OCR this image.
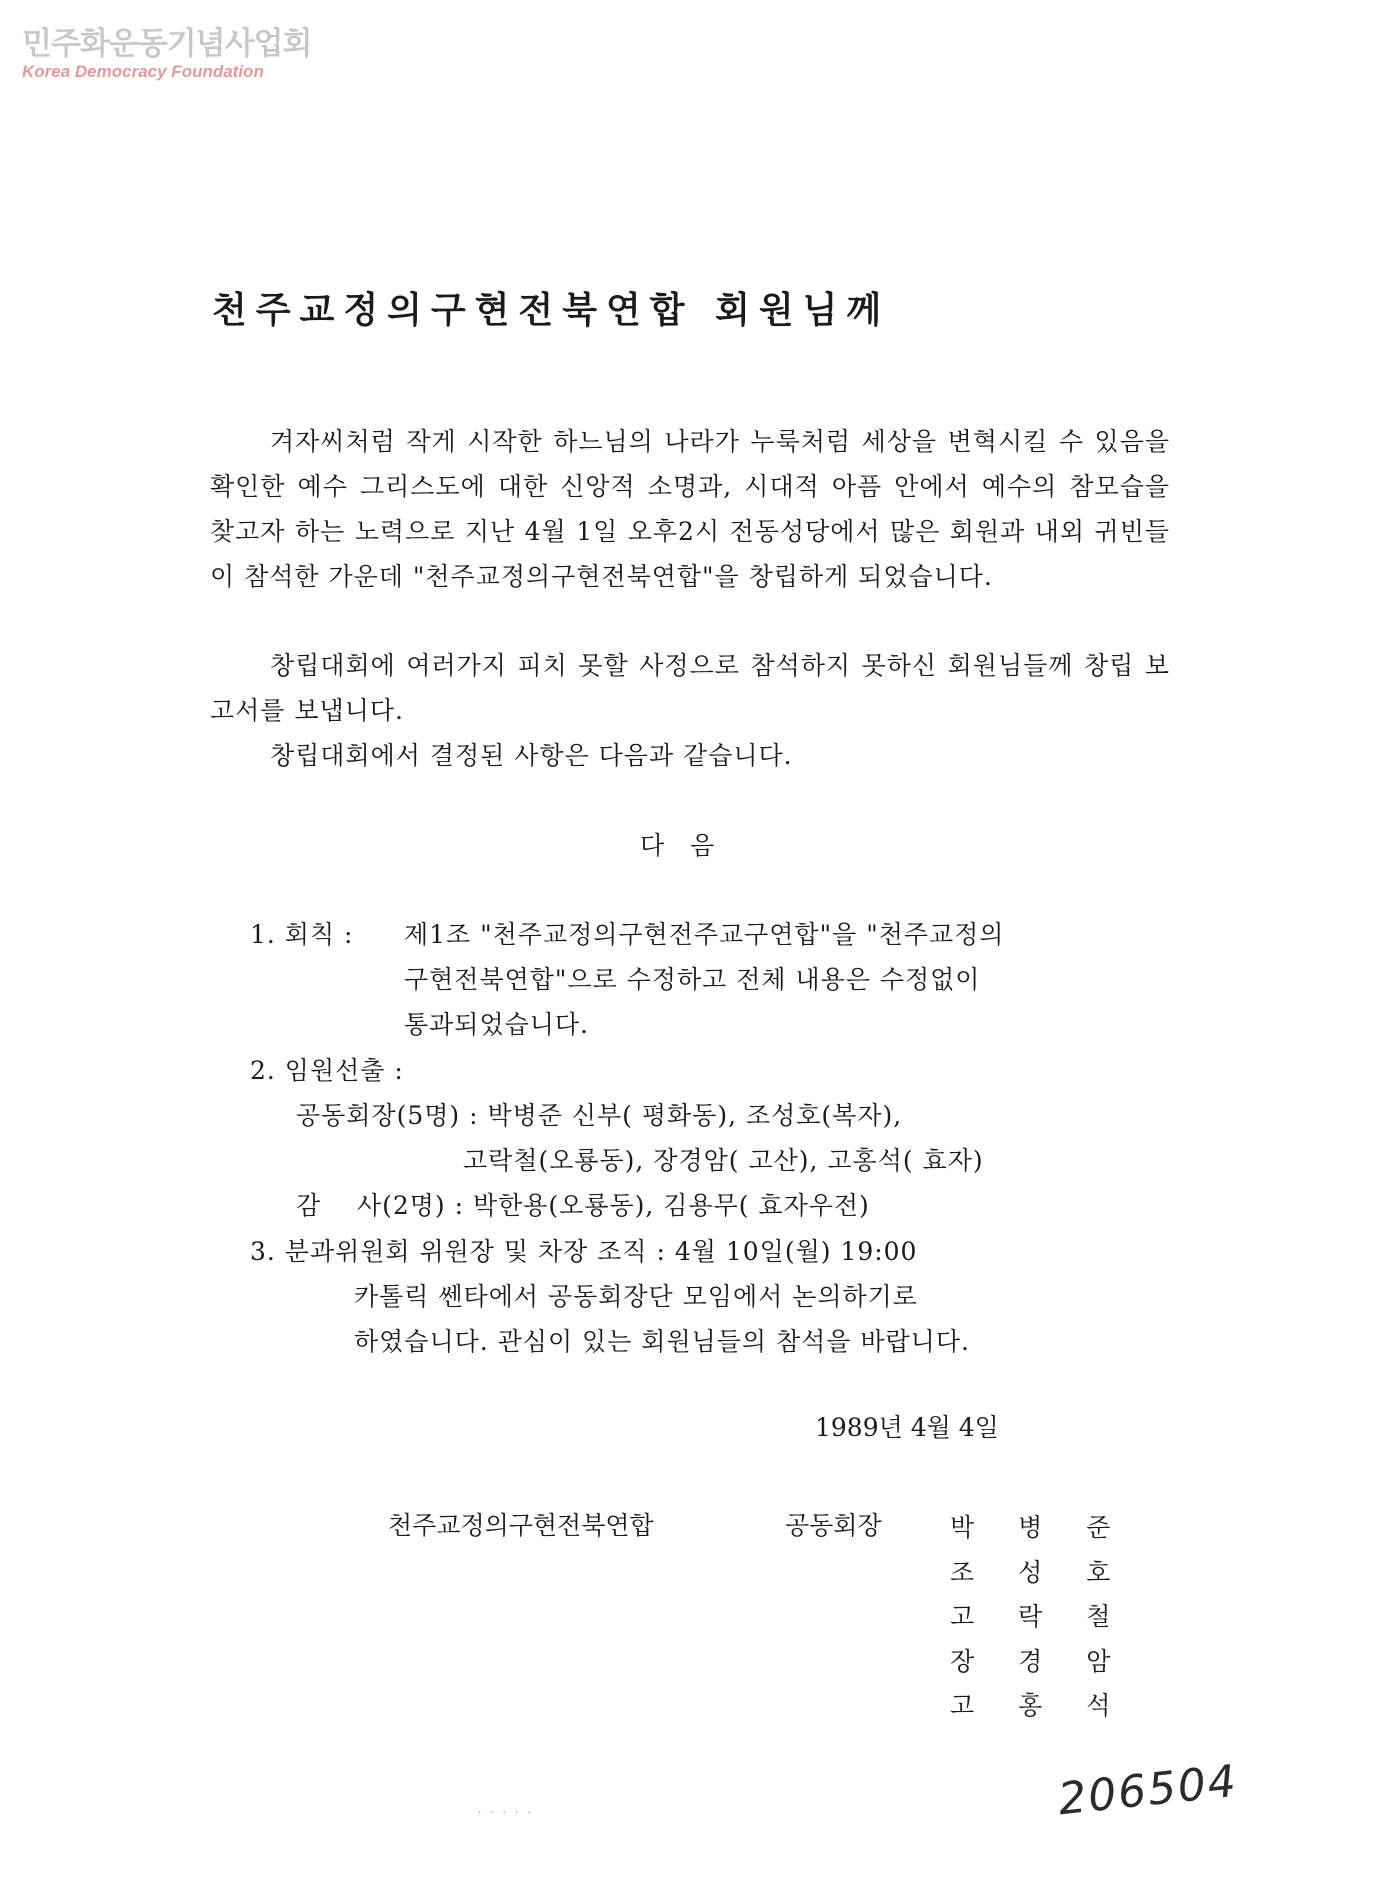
민주화운동기념사업회
Korea Democracy Foundation
천주교정의구현전북연합 회원님께
겨자씨처럼 작게 시작한 하느님의 나라가 누룩처럼 세상을 변혁시킬 수 있음을 확인한 예수 그리스도에 대한 신앙적 소명과, 시대적 아픔 안에서 예수의 참모습을 찾고자 하는 노력으로 지난 4월 1일 오후2시 전동성당에서 많은 회원과 내외 귀빈들이 참석한 가운데 "천주교정의구현전북연합"을 창립하게 되었습니다.
창립대회에 여러가지 피치 못할 사정으로 참석하지 못하신 회원님들께 창립 보고서를 보냅니다.
창립대회에서 결정된 사항은 다음과 같습니다.
다음
1. 회칙 : 제1조 "천주교정의구현전주교구연합"을 "천주교정의
구현전북연합"으로 수정하고 전체 내용은 수정없이
통과되었습니다.
2. 임원선출 :
공동회장(5명) : 박병준 신부( 평화동), 조성호(복자),
고락철(오룡동), 장경암( 고산), 고홍석( 효자)
감    사(2명) : 박한용(오룡동), 김용무( 효자우전)
3. 분과위원회 위원장 및 차장 조직 : 4월 10일(월) 19:00
카톨릭 쎈타에서 공동회장단 모임에서 논의하기로
하였습니다. 관심이 있는 회원님들의 참석을 바랍니다.
1989년 4월 4일
천주교정의구현전북연합	공동회장	박병준
조성호
고락철
장경암
고홍석
206504
· · · · ·
